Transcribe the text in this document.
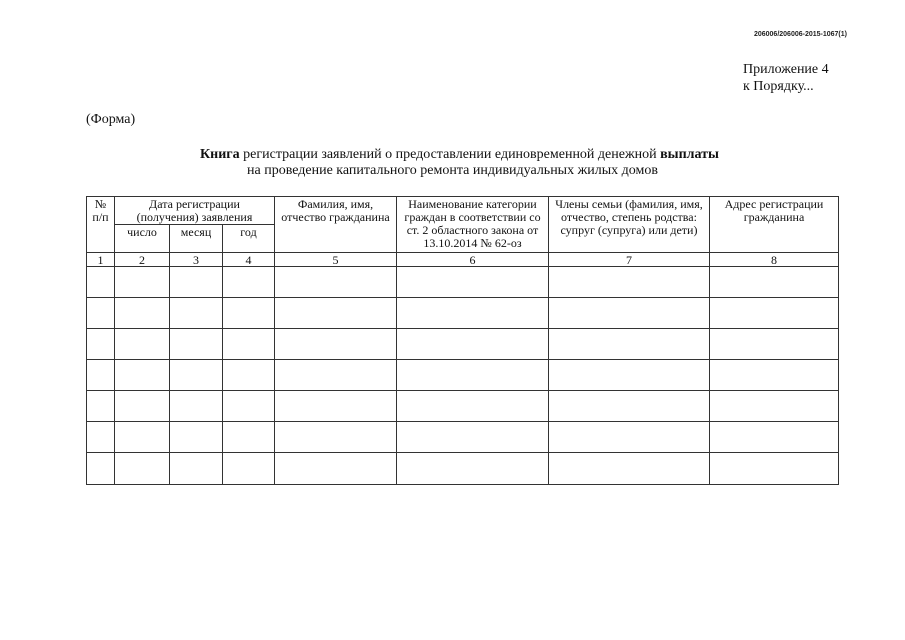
206006/206006-2015-1067(1)
Приложение 4
к Порядку...
(Форма)
Книга регистрации заявлений о предоставлении единовременной денежной выплаты
на проведение капитального ремонта индивидуальных жилых домов
№ п/п	Дата регистрации (получения) заявления			Фамилия, имя, отчество гражданина	Наименование категории граждан в соответствии со ст. 2 областного закона от 13.10.2014 № 62-оз	Члены семьи (фамилия, имя, отчество, степень родства: супруг (супруга) или дети)	Адрес регистрации гражданина
	число	месяц	год				
1	2	3	4	5	6	7	8
